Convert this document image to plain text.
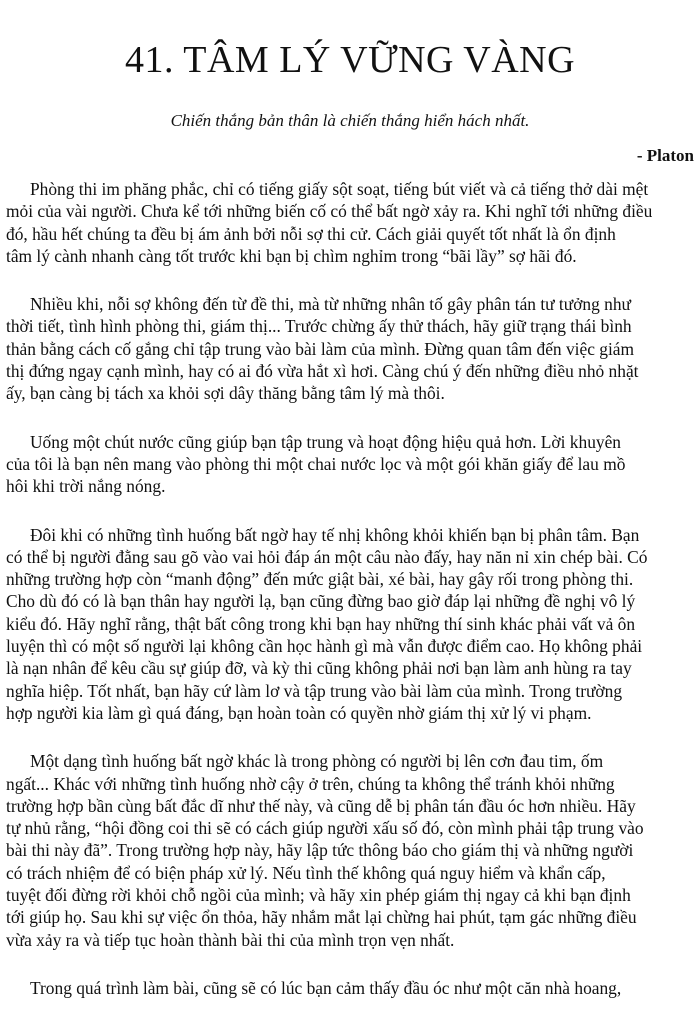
41. TÂM LÝ VỮNG VÀNG
Chiến thắng bản thân là chiến thắng hiển hách nhất.
- Platon

Phòng thi im phăng phắc, chỉ có tiếng giấy sột soạt, tiếng bút viết và cả tiếng thở dài mệt
mỏi của vài người. Chưa kể tới những biến cố có thể bất ngờ xảy ra. Khi nghĩ tới những điều
đó, hầu hết chúng ta đều bị ám ảnh bởi nỗi sợ thi cử. Cách giải quyết tốt nhất là ổn định
tâm lý cành nhanh càng tốt trước khi bạn bị chìm nghỉm trong “bãi lầy” sợ hãi đó.

Nhiều khi, nỗi sợ không đến từ đề thi, mà từ những nhân tố gây phân tán tư tưởng như
thời tiết, tình hình phòng thi, giám thị... Trước chừng ấy thử thách, hãy giữ trạng thái bình
thản bằng cách cố gắng chỉ tập trung vào bài làm của mình. Đừng quan tâm đến việc giám
thị đứng ngay cạnh mình, hay có ai đó vừa hắt xì hơi. Càng chú ý đến những điều nhỏ nhặt
ấy, bạn càng bị tách xa khỏi sợi dây thăng bằng tâm lý mà thôi.

Uống một chút nước cũng giúp bạn tập trung và hoạt động hiệu quả hơn. Lời khuyên
của tôi là bạn nên mang vào phòng thi một chai nước lọc và một gói khăn giấy để lau mồ
hôi khi trời nắng nóng.

Đôi khi có những tình huống bất ngờ hay tế nhị không khỏi khiến bạn bị phân tâm. Bạn
có thể bị người đằng sau gõ vào vai hỏi đáp án một câu nào đấy, hay năn nỉ xin chép bài. Có
những trường hợp còn “manh động” đến mức giật bài, xé bài, hay gây rối trong phòng thi.
Cho dù đó có là bạn thân hay người lạ, bạn cũng đừng bao giờ đáp lại những đề nghị vô lý
kiểu đó. Hãy nghĩ rằng, thật bất công trong khi bạn hay những thí sinh khác phải vất vả ôn
luyện thì có một số người lại không cần học hành gì mà vẫn được điểm cao. Họ không phải
là nạn nhân để kêu cầu sự giúp đỡ, và kỳ thi cũng không phải nơi bạn làm anh hùng ra tay
nghĩa hiệp. Tốt nhất, bạn hãy cứ làm lơ và tập trung vào bài làm của mình. Trong trường
hợp người kia làm gì quá đáng, bạn hoàn toàn có quyền nhờ giám thị xử lý vi phạm.

Một dạng tình huống bất ngờ khác là trong phòng có người bị lên cơn đau tim, ốm
ngất... Khác với những tình huống nhờ cậy ở trên, chúng ta không thể tránh khỏi những
trường hợp bần cùng bất đắc dĩ như thế này, và cũng dễ bị phân tán đầu óc hơn nhiều. Hãy
tự nhủ rằng, “hội đồng coi thi sẽ có cách giúp người xấu số đó, còn mình phải tập trung vào
bài thi này đã”. Trong trường hợp này, hãy lập tức thông báo cho giám thị và những người
có trách nhiệm để có biện pháp xử lý. Nếu tình thế không quá nguy hiểm và khẩn cấp,
tuyệt đối đừng rời khỏi chỗ ngồi của mình; và hãy xin phép giám thị ngay cả khi bạn định
tới giúp họ. Sau khi sự việc ổn thỏa, hãy nhắm mắt lại chừng hai phút, tạm gác những điều
vừa xảy ra và tiếp tục hoàn thành bài thi của mình trọn vẹn nhất.

Trong quá trình làm bài, cũng sẽ có lúc bạn cảm thấy đầu óc như một căn nhà hoang,
